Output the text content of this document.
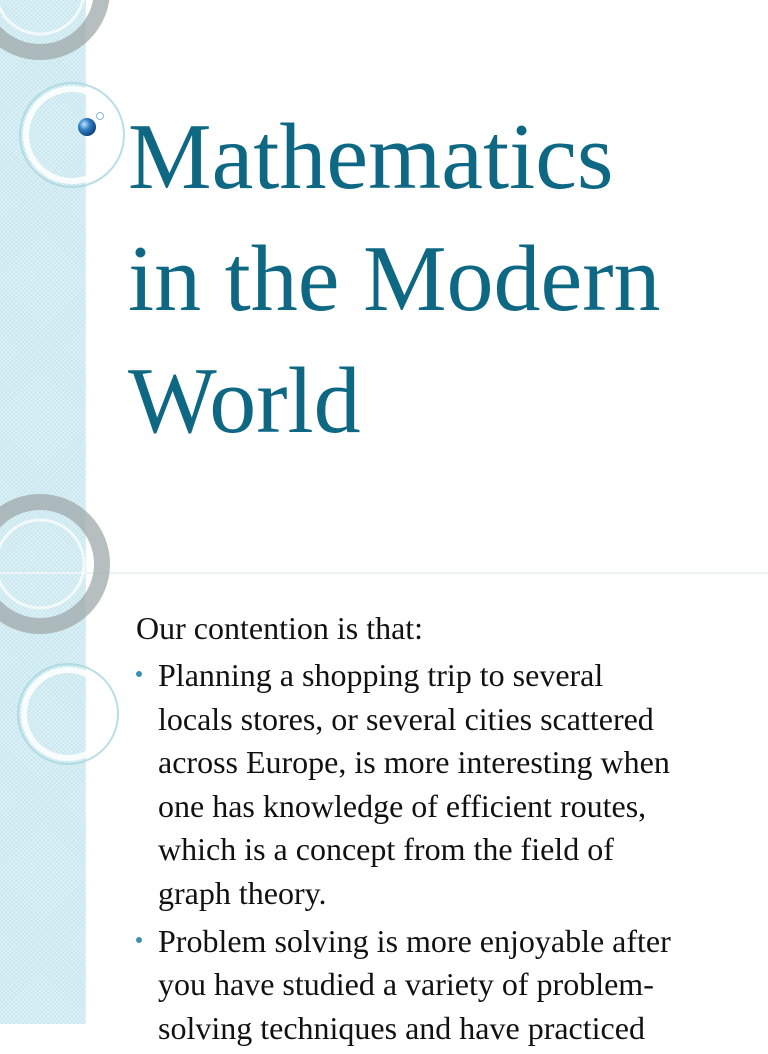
Mathematics
in the Modern
World

Our contention is that:

Planning a shopping trip to several
locals stores, or several cities scattered
across Europe, is more interesting when
one has knowledge of efficient routes,
which is a concept from the field of
graph theory.
Problem solving is more enjoyable after
you have studied a variety of problem-
solving techniques and have practiced
